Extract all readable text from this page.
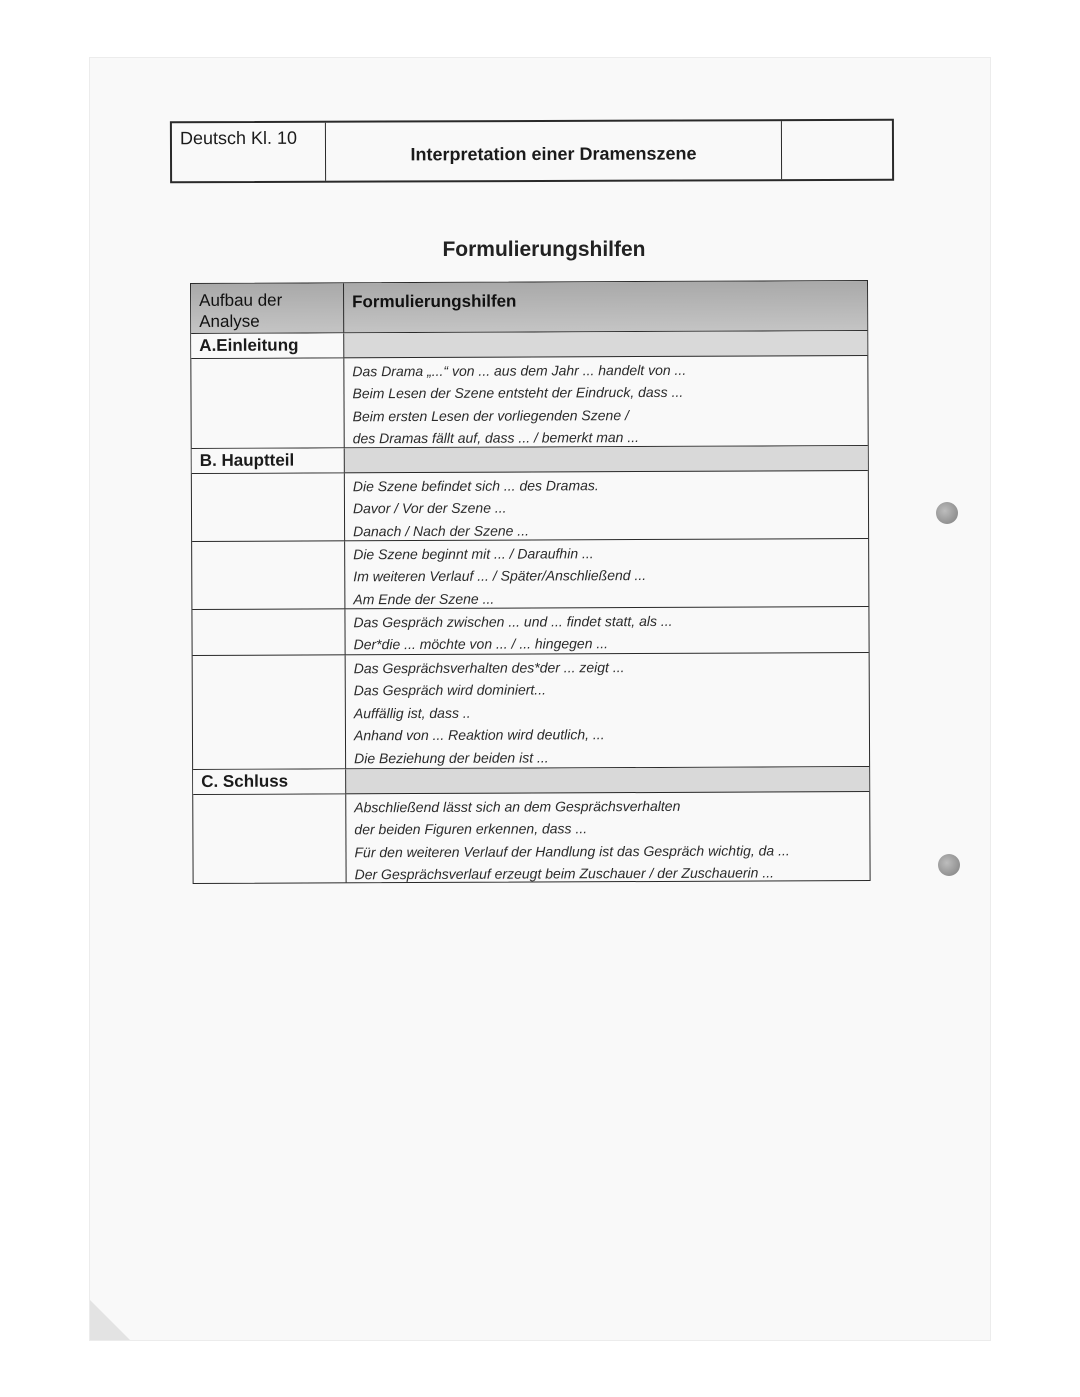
Deutsch Kl. 10
Interpretation einer Dramenszene
Formulierungshilfen
Aufbau der
Analyse
Formulierungshilfen
A.Einleitung
Das Drama „...“ von ... aus dem Jahr ... handelt von ...
Beim Lesen der Szene entsteht der Eindruck, dass ...
Beim ersten Lesen der vorliegenden Szene /
des Dramas fällt auf, dass ... / bemerkt man ...
B. Hauptteil
Die Szene befindet sich ... des Dramas.
Davor / Vor der Szene ...
Danach / Nach der Szene ...
Die Szene beginnt mit ... / Daraufhin ...
Im weiteren Verlauf ... / Später/Anschließend ...
Am Ende der Szene ...
Das Gespräch zwischen ... und ... findet statt, als ...
Der*die ... möchte von ... / ... hingegen ...
Das Gesprächsverhalten des*der ... zeigt ...
Das Gespräch wird dominiert...
Auffällig ist, dass ..
Anhand von ... Reaktion wird deutlich, ...
Die Beziehung der beiden ist ...
C. Schluss
Abschließend lässt sich an dem Gesprächsverhalten
der beiden Figuren erkennen, dass ...
Für den weiteren Verlauf der Handlung ist das Gespräch wichtig, da ...
Der Gesprächsverlauf erzeugt beim Zuschauer / der Zuschauerin ...
